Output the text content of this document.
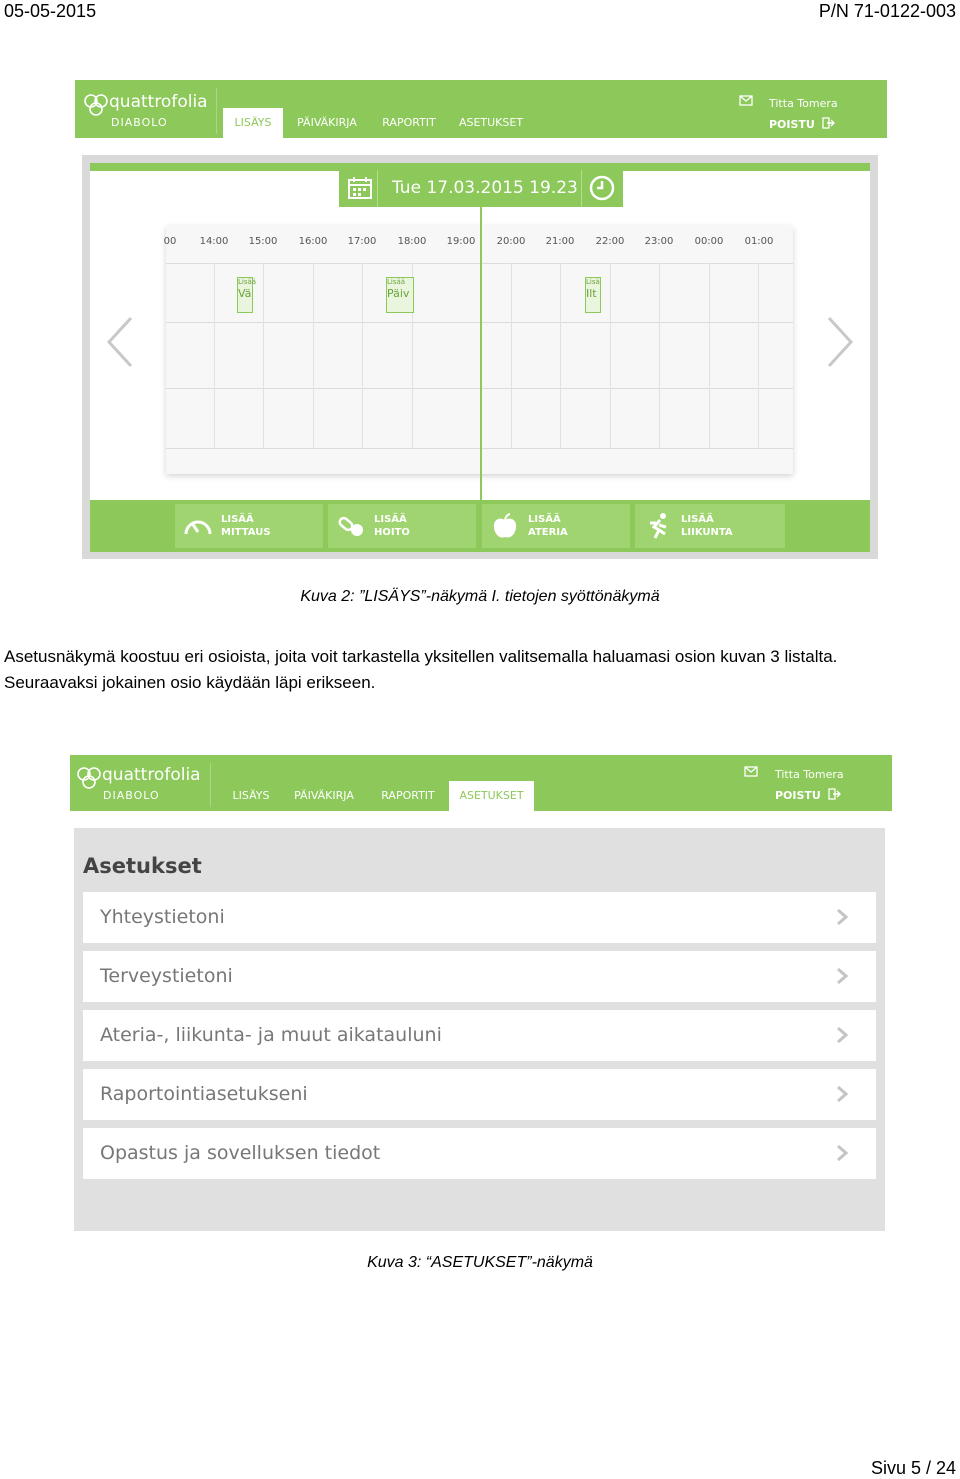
05-05-2015	P/N 71-0122-003
quattrofolia
DIABOLO	LISÄYS	PÄIVÄKIRJA	RAPORTIT	ASETUKSET
Titta Tomera
POISTU
Tue 17.03.2015 19.23
00	14:00	15:00	16:00	17:00	18:00	19:00	20:00	21:00	22:00	23:00	00:00	01:00
Lisää
Vä
Lisää
Päiv
Lisä
Ilt
LISÄÄ
MITTAUS
LISÄÄ
HOITO
LISÄÄ
ATERIA
LISÄÄ
LIIKUNTA
Kuva 2: ”LISÄYS”-näkymä I. tietojen syöttönäkymä
Asetusnäkymä koostuu eri osioista, joita voit tarkastella yksitellen valitsemalla haluamasi osion kuvan 3 listalta.
Seuraavaksi jokainen osio käydään läpi erikseen.
quattrofolia
DIABOLO	LISÄYS	PÄIVÄKIRJA	RAPORTIT	ASETUKSET
Titta Tomera
POISTU
Asetukset
Yhteystietoni
Terveystietoni
Ateria-, liikunta- ja muut aikatauluni
Raportointiasetukseni
Opastus ja sovelluksen tiedot
Kuva 3: “ASETUKSET”-näkymä
Sivu 5 / 24
